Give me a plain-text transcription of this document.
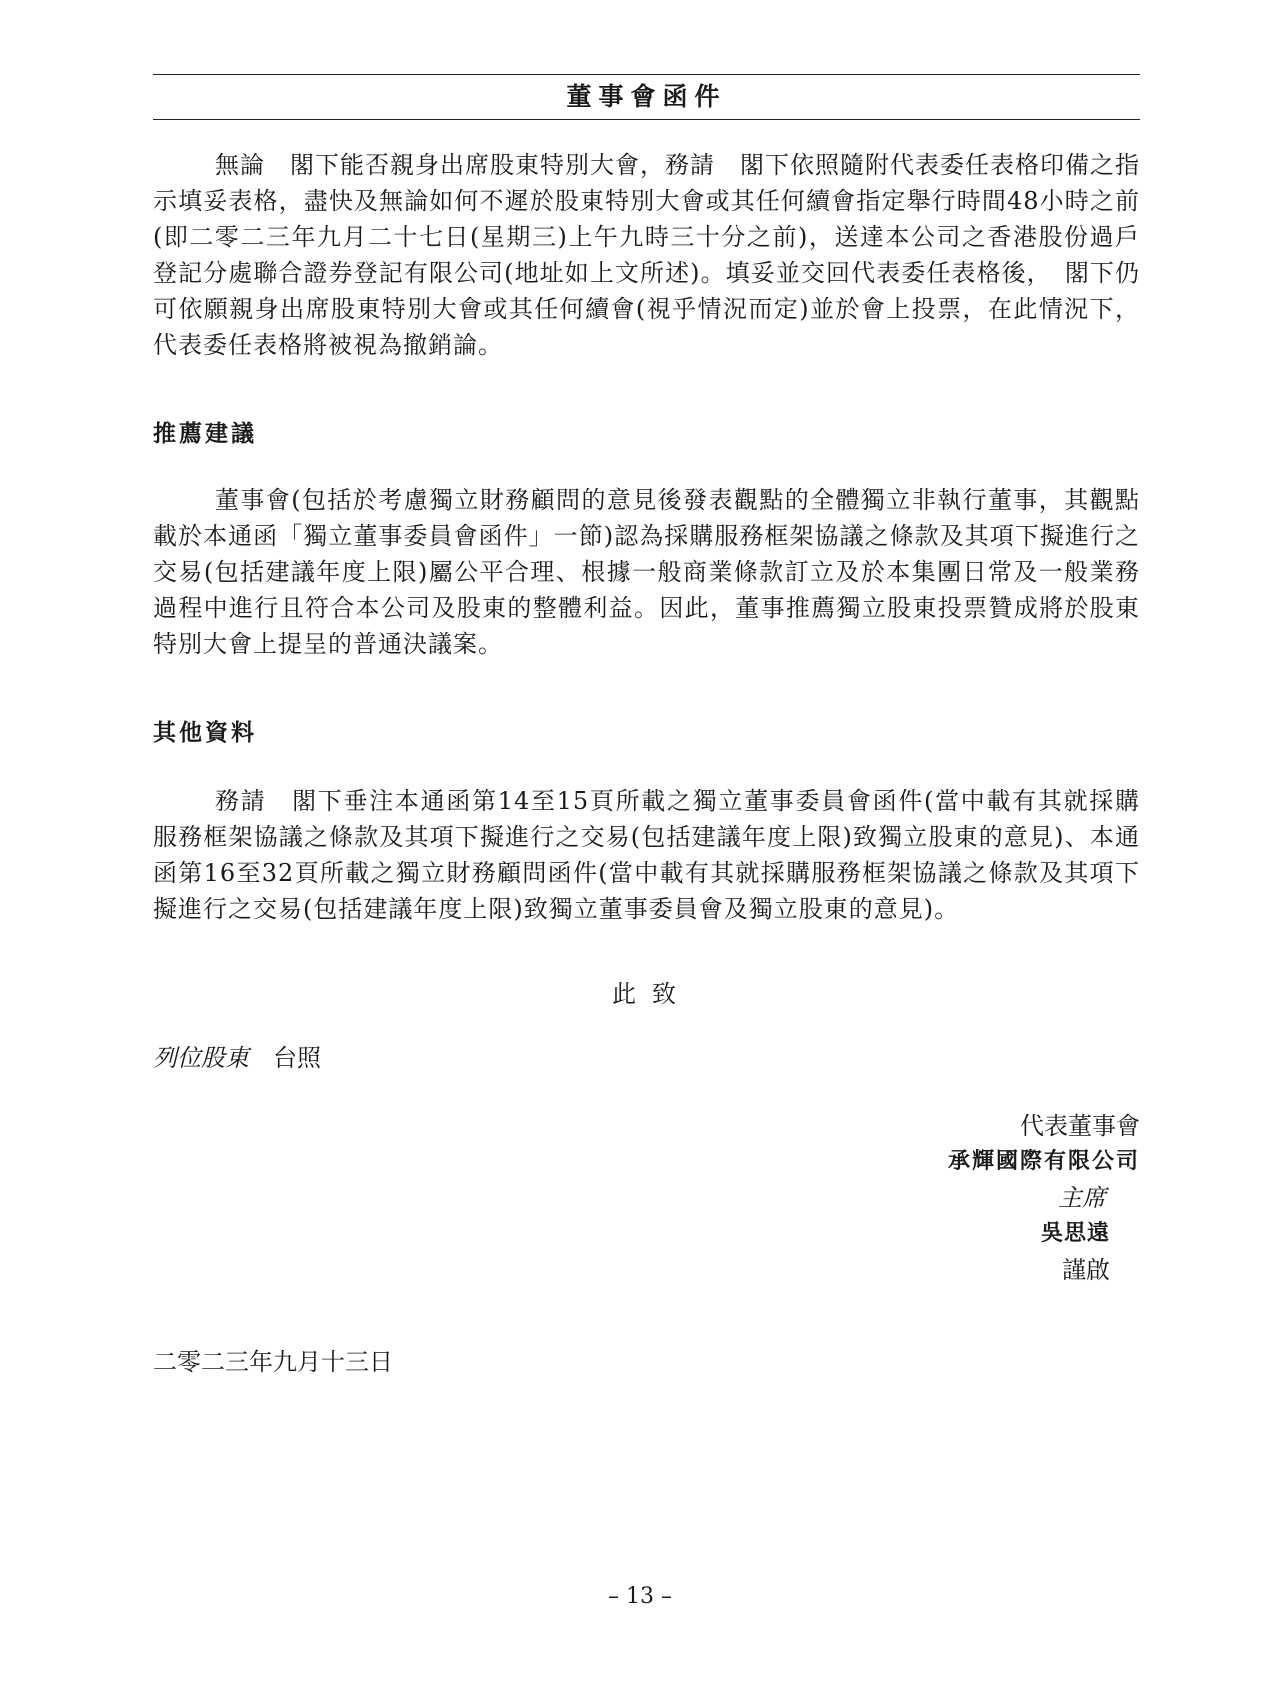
董事會函件
無論　閣下能否親身出席股東特別大會，務請　閣下依照隨附代表委任表格印備之指示填妥表格，盡快及無論如何不遲於股東特別大會或其任何續會指定舉行時間48小時之前(即二零二三年九月二十七日(星期三)上午九時三十分之前)，送達本公司之香港股份過戶登記分處聯合證券登記有限公司(地址如上文所述)。填妥並交回代表委任表格後，　閣下仍可依願親身出席股東特別大會或其任何續會(視乎情況而定)並於會上投票，在此情況下，代表委任表格將被視為撤銷論。
推薦建議
董事會(包括於考慮獨立財務顧問的意見後發表觀點的全體獨立非執行董事，其觀點載於本通函「獨立董事委員會函件」一節)認為採購服務框架協議之條款及其項下擬進行之交易(包括建議年度上限)屬公平合理、根據一般商業條款訂立及於本集團日常及一般業務過程中進行且符合本公司及股東的整體利益。因此，董事推薦獨立股東投票贊成將於股東特別大會上提呈的普通決議案。
其他資料
務請　閣下垂注本通函第14至15頁所載之獨立董事委員會函件(當中載有其就採購服務框架協議之條款及其項下擬進行之交易(包括建議年度上限)致獨立股東的意見)、本通函第16至32頁所載之獨立財務顧問函件(當中載有其就採購服務框架協議之條款及其項下擬進行之交易(包括建議年度上限)致獨立董事委員會及獨立股東的意見)。
此致
列位股東 台照
代表董事會
承輝國際有限公司
主席
吳思遠
謹啟
二零二三年九月十三日
– 13 –
